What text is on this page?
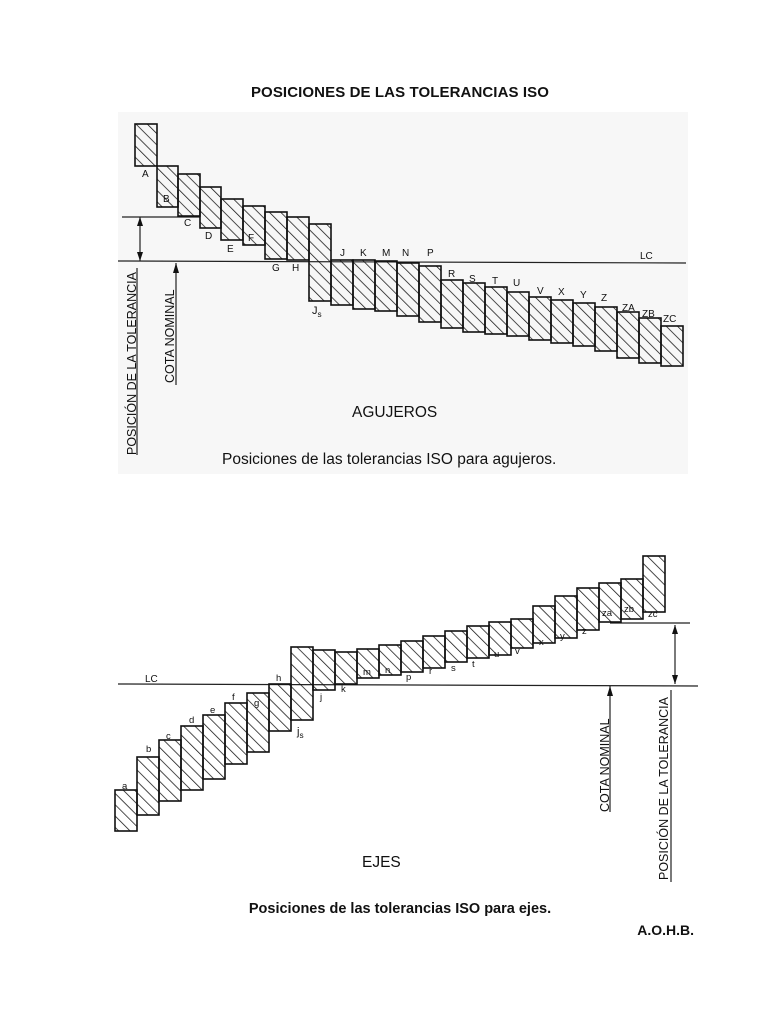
POSICIONES DE LAS TOLERANCIAS ISO
LC
A
B
C
D
E
F
G H
J K M N P
R S T U
V X Y Z
ZA
ZB ZC
$J_s$
POSICIÓN DE LA TOLERANCIA COTA NOMINAL
AGUJEROS
Posiciones de las tolerancias ISO para agujeros.
LC
a
b
c
d
e
f
g
h
j
k
m n
p
r s t
u v
x
y z
za zb zc
$j_s$	COTA NOMINAL	POSICIÓN DE LA TOLERANCIA
EJES
Posiciones de las tolerancias ISO para ejes.
A.O.H.B.
